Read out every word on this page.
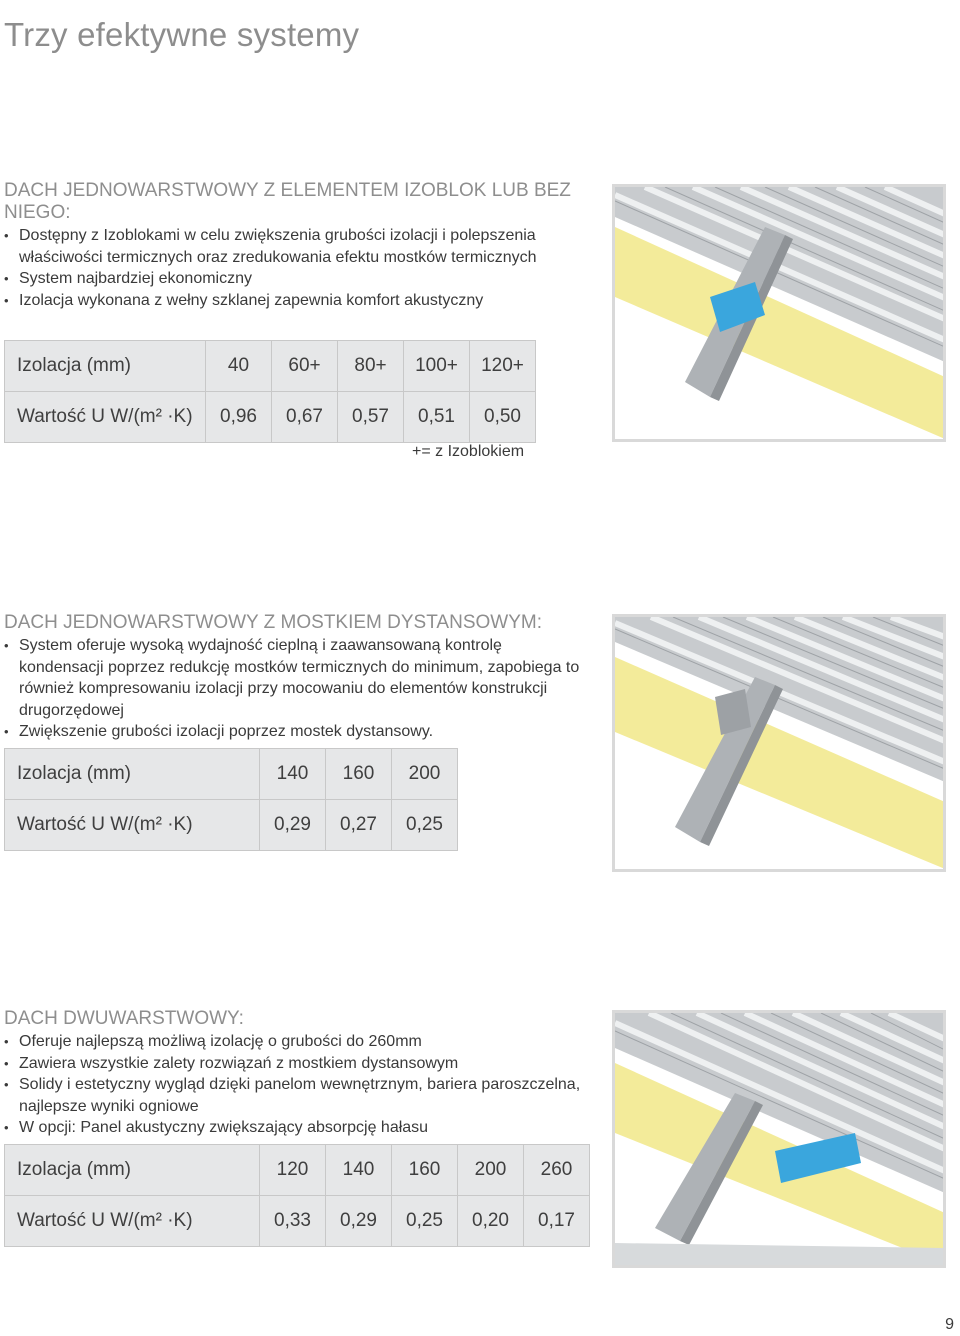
Trzy efektywne systemy
DACH JEDNOWARSTWOWY Z ELEMENTEM IZOBLOK LUB BEZ NIEGO:
• Dostępny z Izoblokami w celu zwiększenia grubości izolacji i polepszenia właściwości termicznych oraz zredukowania efektu mostków termicznych
• System najbardziej ekonomiczny
• Izolacja wykonana z wełny szklanej zapewnia komfort akustyczny
Izolacja (mm)	40	60+	80+	100+	120+
Wartość U W/(m² ·K)	0,96	0,67	0,57	0,51	0,50
+= z Izoblokiem
DACH JEDNOWARSTWOWY Z MOSTKIEM DYSTANSOWYM:
• System oferuje wysoką wydajność cieplną i zaawansowaną kontrolę kondensacji poprzez redukcję mostków termicznych do minimum, zapobiega to również kompresowaniu izolacji przy mocowaniu do elementów konstrukcji drugorzędowej
• Zwiększenie grubości izolacji poprzez mostek dystansowy.
Izolacja (mm)	140	160	200
Wartość U W/(m² ·K)	0,29	0,27	0,25
DACH DWUWARSTWOWY:
• Oferuje najlepszą możliwą izolację o grubości do 260mm
• Zawiera wszystkie zalety rozwiązań z mostkiem dystansowym
• Solidy i estetyczny wygląd dzięki panelom wewnętrznym, bariera paroszczelna, najlepsze wyniki ogniowe
• W opcji: Panel akustyczny zwiększający absorpcję hałasu
Izolacja (mm)	120	140	160	200	260
Wartość U W/(m² ·K)	0,33	0,29	0,25	0,20	0,17
9
